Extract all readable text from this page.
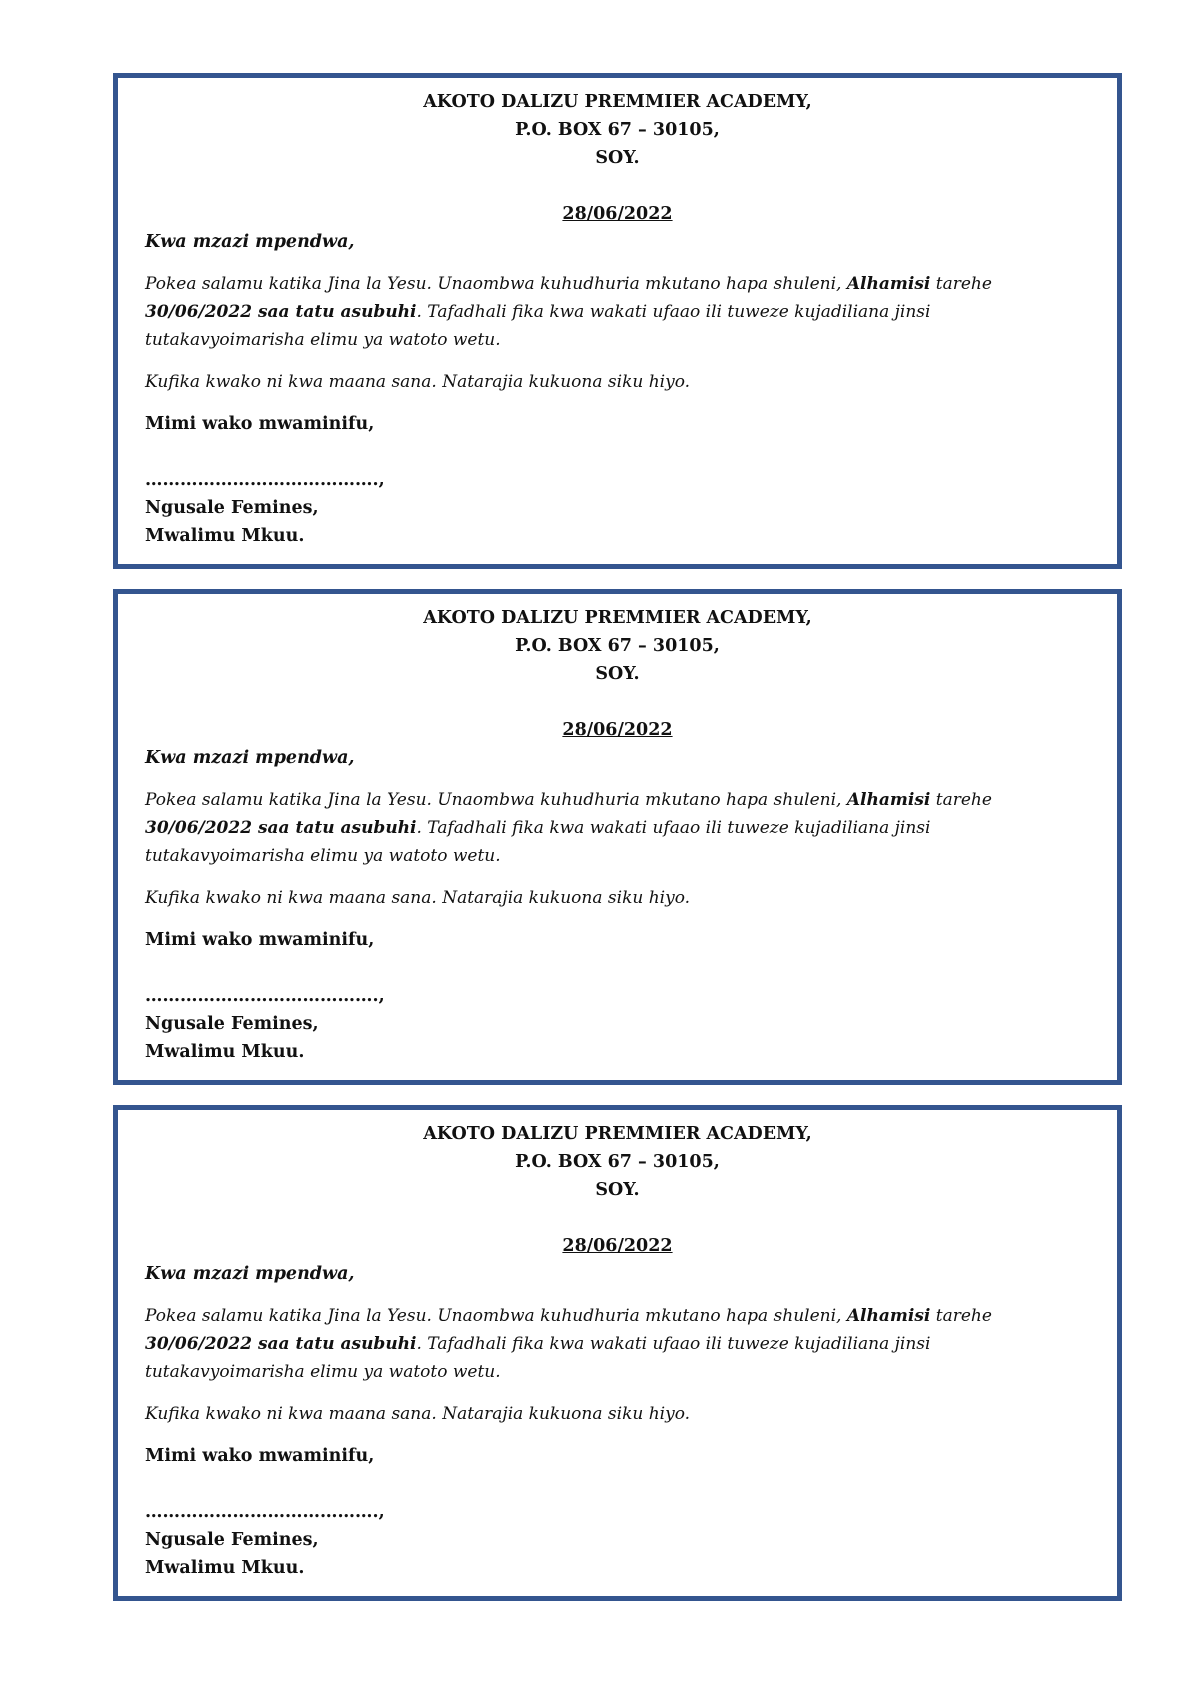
AKOTO DALIZU PREMMIER ACADEMY,
P.O. BOX 67 – 30105,
SOY.
28/06/2022
Kwa mzazi mpendwa,
Pokea salamu katika Jina la Yesu. Unaombwa kuhudhuria mkutano hapa shuleni, Alhamisi tarehe 30/06/2022 saa tatu asubuhi. Tafadhali fika kwa wakati ufaao ili tuweze kujadiliana jinsi tutakavyoimarisha elimu ya watoto wetu.
Kufika kwako ni kwa maana sana. Natarajia kukuona siku hiyo.
Mimi wako mwaminifu,
………………………………….,
Ngusale Femines,
Mwalimu Mkuu.
AKOTO DALIZU PREMMIER ACADEMY,
P.O. BOX 67 – 30105,
SOY.
28/06/2022
Kwa mzazi mpendwa,
Pokea salamu katika Jina la Yesu. Unaombwa kuhudhuria mkutano hapa shuleni, Alhamisi tarehe 30/06/2022 saa tatu asubuhi. Tafadhali fika kwa wakati ufaao ili tuweze kujadiliana jinsi tutakavyoimarisha elimu ya watoto wetu.
Kufika kwako ni kwa maana sana. Natarajia kukuona siku hiyo.
Mimi wako mwaminifu,
………………………………….,
Ngusale Femines,
Mwalimu Mkuu.
AKOTO DALIZU PREMMIER ACADEMY,
P.O. BOX 67 – 30105,
SOY.
28/06/2022
Kwa mzazi mpendwa,
Pokea salamu katika Jina la Yesu. Unaombwa kuhudhuria mkutano hapa shuleni, Alhamisi tarehe 30/06/2022 saa tatu asubuhi. Tafadhali fika kwa wakati ufaao ili tuweze kujadiliana jinsi tutakavyoimarisha elimu ya watoto wetu.
Kufika kwako ni kwa maana sana. Natarajia kukuona siku hiyo.
Mimi wako mwaminifu,
………………………………….,
Ngusale Femines,
Mwalimu Mkuu.
